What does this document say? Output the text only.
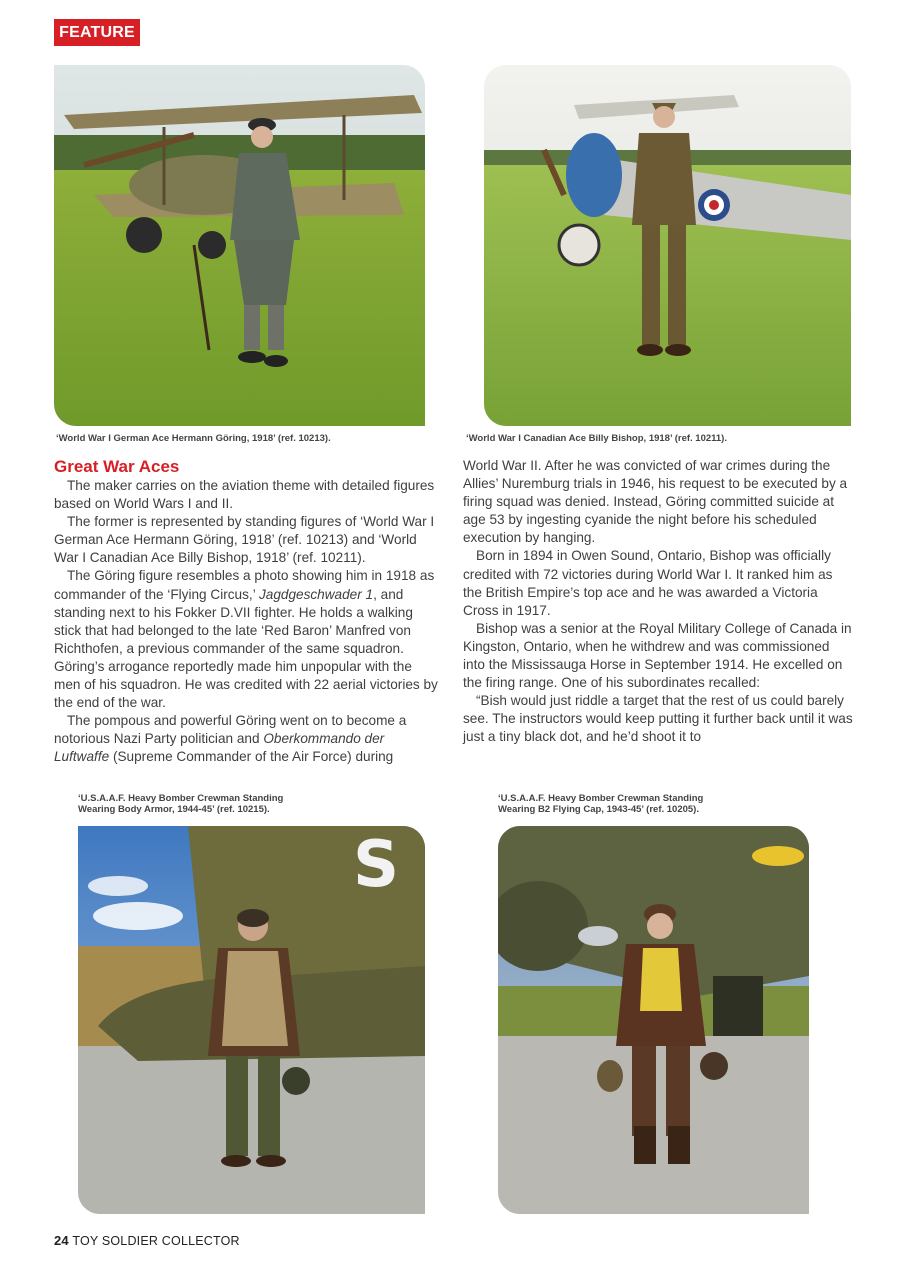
FEATURE
‘World War I German Ace Hermann Göring, 1918’ (ref. 10213).	‘World War I Canadian Ace Billy Bishop, 1918’ (ref. 10211).
Great War Aces

The maker carries on the aviation theme with detailed figures based on World Wars I and II.

The former is represented by standing figures of ‘World War I German Ace Hermann Göring, 1918’ (ref. 10213) and ‘World War I Canadian Ace Billy Bishop, 1918’ (ref. 10211).

The Göring figure resembles a photo showing him in 1918 as commander of the ‘Flying Circus,’ Jagdgeschwader 1, and standing next to his Fokker D.VII fighter. He holds a walking stick that had belonged to the late ‘Red Baron’ Manfred von Richthofen, a previous commander of the same squadron. Göring’s arrogance reportedly made him unpopular with the men of his squadron. He was credited with 22 aerial victories by the end of the war.

The pompous and powerful Göring went on to become a notorious Nazi Party politician and Oberkommando der Luftwaffe (Supreme Commander of the Air Force) during

World War II. After he was convicted of war crimes during the Allies’ Nuremburg trials in 1946, his request to be executed by a firing squad was denied. Instead, Göring committed suicide at age 53 by ingesting cyanide the night before his scheduled execution by hanging.

Born in 1894 in Owen Sound, Ontario, Bishop was officially credited with 72 victories during World War I. It ranked him as the British Empire’s top ace and he was awarded a Victoria Cross in 1917.

Bishop was a senior at the Royal Military College of Canada in Kingston, Ontario, when he withdrew and was commissioned into the Mississauga Horse in September 1914. He excelled on the firing range. One of his subordinates recalled:

“Bish would just riddle a target that the rest of us could barely see. The instructors would keep putting it further back until it was just a tiny black dot, and he’d shoot it to

‘U.S.A.A.F. Heavy Bomber Crewman Standing
Wearing Body Armor, 1944-45’ (ref. 10215).
S
‘U.S.A.A.F. Heavy Bomber Crewman Standing
Wearing B2 Flying Cap, 1943-45’ (ref. 10205).
24 TOY SOLDIER COLLECTOR
